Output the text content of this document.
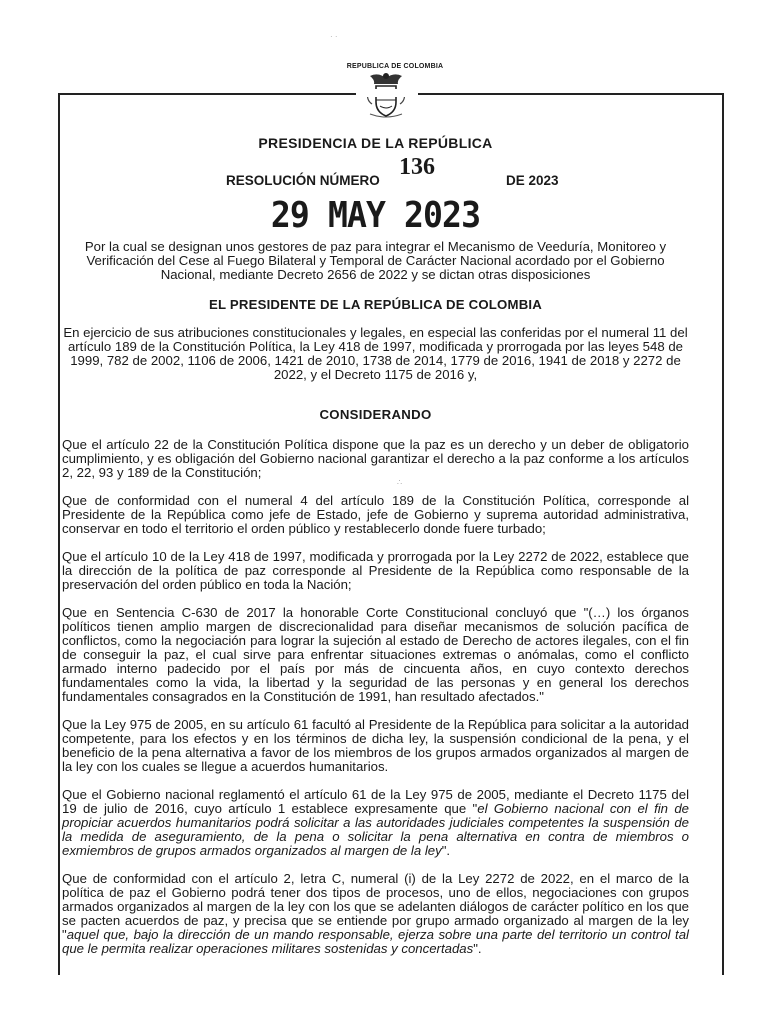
REPUBLICA DE COLOMBIA
· ·
∴
PRESIDENCIA DE LA REPÚBLICA
RESOLUCIÓN NÚMERO
136
DE 2023
29 MAY 2023
Por la cual se designan unos gestores de paz para integrar el Mecanismo de Veeduría, Monitoreo y Verificación del Cese al Fuego Bilateral y Temporal de Carácter Nacional acordado por el Gobierno Nacional, mediante Decreto 2656 de 2022 y se dictan otras disposiciones
EL PRESIDENTE DE LA REPÚBLICA DE COLOMBIA
En ejercicio de sus atribuciones constitucionales y legales, en especial las conferidas por el numeral 11 del artículo 189 de la Constitución Política, la Ley 418 de 1997, modificada y prorrogada por las leyes 548 de 1999, 782 de 2002, 1106 de 2006, 1421 de 2010, 1738 de 2014, 1779 de 2016, 1941 de 2018 y 2272 de 2022, y el Decreto 1175 de 2016 y,
CONSIDERANDO

Que el artículo 22 de la Constitución Política dispone que la paz es un derecho y un deber de obligatorio cumplimiento, y es obligación del Gobierno nacional garantizar el derecho a la paz conforme a los artículos 2, 22, 93 y 189 de la Constitución;

Que de conformidad con el numeral 4 del artículo 189 de la Constitución Política, corresponde al Presidente de la República como jefe de Estado, jefe de Gobierno y suprema autoridad administrativa, conservar en todo el territorio el orden público y restablecerlo donde fuere turbado;

Que el artículo 10 de la Ley 418 de 1997, modificada y prorrogada por la Ley 2272 de 2022, establece que la dirección de la política de paz corresponde al Presidente de la República como responsable de la preservación del orden público en toda la Nación;

Que en Sentencia C-630 de 2017 la honorable Corte Constitucional concluyó que "(…) los órganos políticos tienen amplio margen de discrecionalidad para diseñar mecanismos de solución pacífica de conflictos, como la negociación para lograr la sujeción al estado de Derecho de actores ilegales, con el fin de conseguir la paz, el cual sirve para enfrentar situaciones extremas o anómalas, como el conflicto armado interno padecido por el país por más de cincuenta años, en cuyo contexto derechos fundamentales como la vida, la libertad y la seguridad de las personas y en general los derechos fundamentales consagrados en la Constitución de 1991, han resultado afectados."

Que la Ley 975 de 2005, en su artículo 61 facultó al Presidente de la República para solicitar a la autoridad competente, para los efectos y en los términos de dicha ley, la suspensión condicional de la pena, y el beneficio de la pena alternativa a favor de los miembros de los grupos armados organizados al margen de la ley con los cuales se llegue a acuerdos humanitarios.

Que el Gobierno nacional reglamentó el artículo 61 de la Ley 975 de 2005, mediante el Decreto 1175 del 19 de julio de 2016, cuyo artículo 1 establece expresamente que "el Gobierno nacional con el fin de propiciar acuerdos humanitarios podrá solicitar a las autoridades judiciales competentes la suspensión de la medida de aseguramiento, de la pena o solicitar la pena alternativa en contra de miembros o exmiembros de grupos armados organizados al margen de la ley".

Que de conformidad con el artículo 2, letra C, numeral (i) de la Ley 2272 de 2022, en el marco de la política de paz el Gobierno podrá tener dos tipos de procesos, uno de ellos, negociaciones con grupos armados organizados al margen de la ley con los que se adelanten diálogos de carácter político en los que se pacten acuerdos de paz, y precisa que se entiende por grupo armado organizado al margen de la ley "aquel que, bajo la dirección de un mando responsable, ejerza sobre una parte del territorio un control tal que le permita realizar operaciones militares sostenidas y concertadas".
